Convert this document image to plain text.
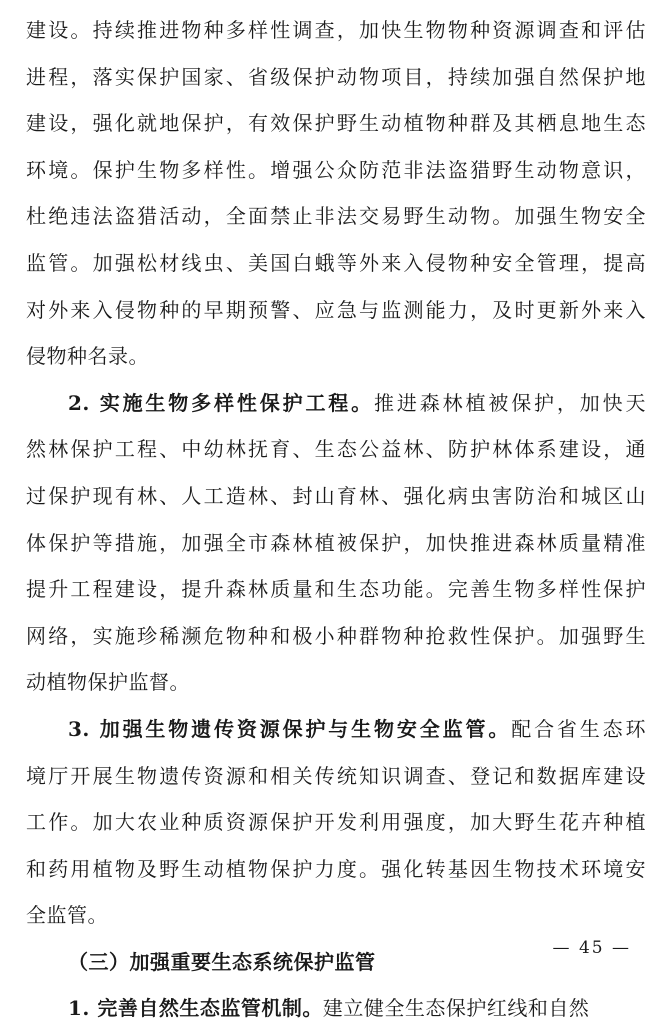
建设。持续推进物种多样性调查，加快生物物种资源调查和评估
进程，落实保护国家、省级保护动物项目，持续加强自然保护地
建设，强化就地保护，有效保护野生动植物种群及其栖息地生态
环境。保护生物多样性。增强公众防范非法盗猎野生动物意识，
杜绝违法盗猎活动，全面禁止非法交易野生动物。加强生物安全
监管。加强松材线虫、美国白蛾等外来入侵物种安全管理，提高
对外来入侵物种的早期预警、应急与监测能力，及时更新外来入
侵物种名录。
2. 实施生物多样性保护工程。推进森林植被保护，加快天
然林保护工程、中幼林抚育、生态公益林、防护林体系建设，通
过保护现有林、人工造林、封山育林、强化病虫害防治和城区山
体保护等措施，加强全市森林植被保护，加快推进森林质量精准
提升工程建设，提升森林质量和生态功能。完善生物多样性保护
网络，实施珍稀濒危物种和极小种群物种抢救性保护。加强野生
动植物保护监督。
3. 加强生物遗传资源保护与生物安全监管。配合省生态环
境厅开展生物遗传资源和相关传统知识调查、登记和数据库建设
工作。加大农业种质资源保护开发利用强度，加大野生花卉种植
和药用植物及野生动植物保护力度。强化转基因生物技术环境安
全监管。
（三）加强重要生态系统保护监管
1. 完善自然生态监管机制。建立健全生态保护红线和自然
— 45 —
